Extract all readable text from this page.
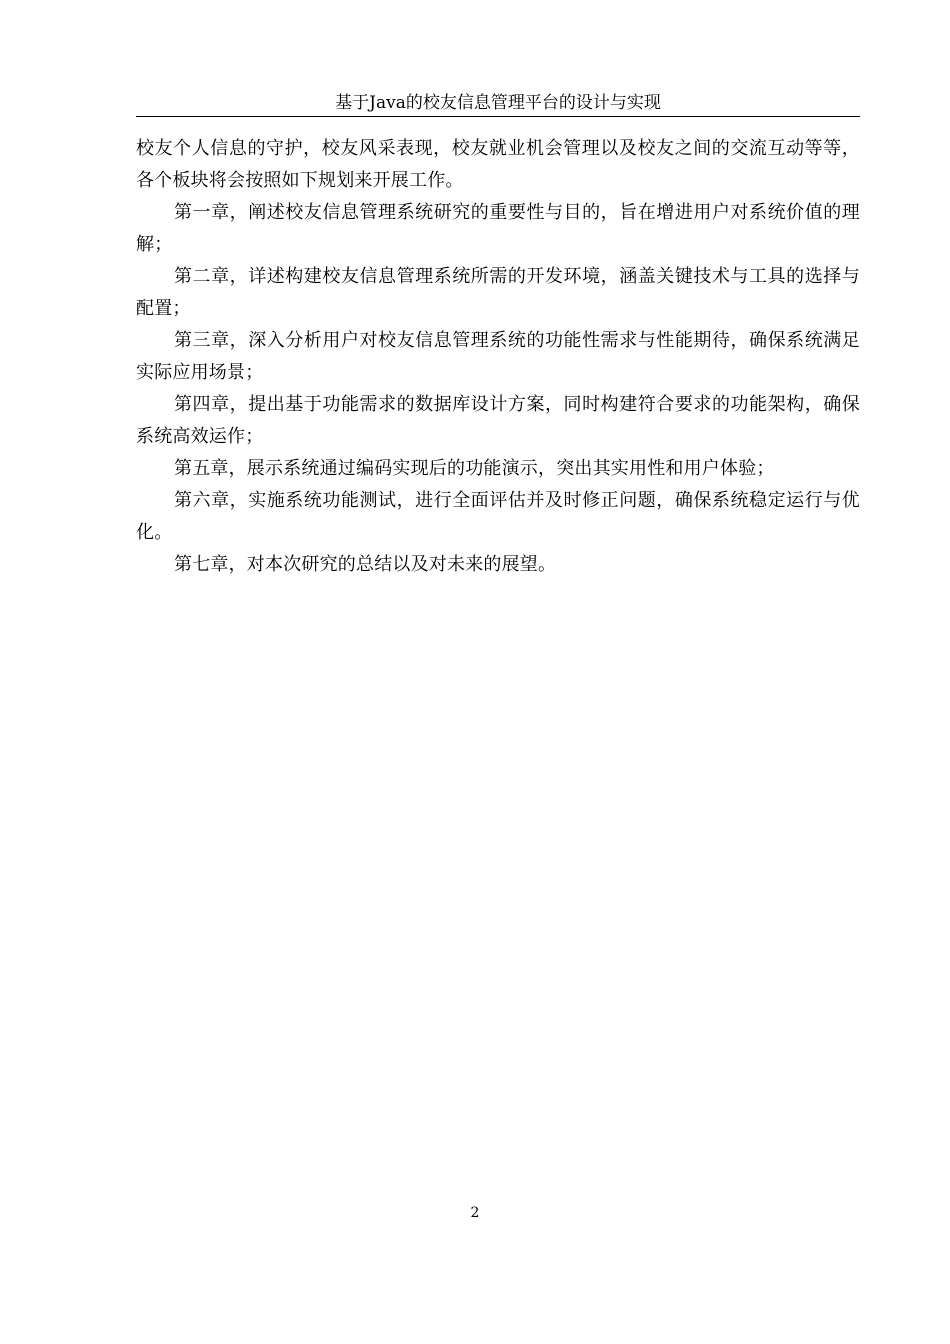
基于Java的校友信息管理平台的设计与实现

校友个人信息的守护，校友风采表现，校友就业机会管理以及校友之间的交流互动等等，各个板块将会按照如下规划来开展工作。

第一章，阐述校友信息管理系统研究的重要性与目的，旨在增进用户对系统价值的理解；

第二章，详述构建校友信息管理系统所需的开发环境，涵盖关键技术与工具的选择与配置；

第三章，深入分析用户对校友信息管理系统的功能性需求与性能期待，确保系统满足实际应用场景；

第四章，提出基于功能需求的数据库设计方案，同时构建符合要求的功能架构，确保系统高效运作；

第五章，展示系统通过编码实现后的功能演示，突出其实用性和用户体验；

第六章，实施系统功能测试，进行全面评估并及时修正问题，确保系统稳定运行与优化。

第七章，对本次研究的总结以及对未来的展望。

2
